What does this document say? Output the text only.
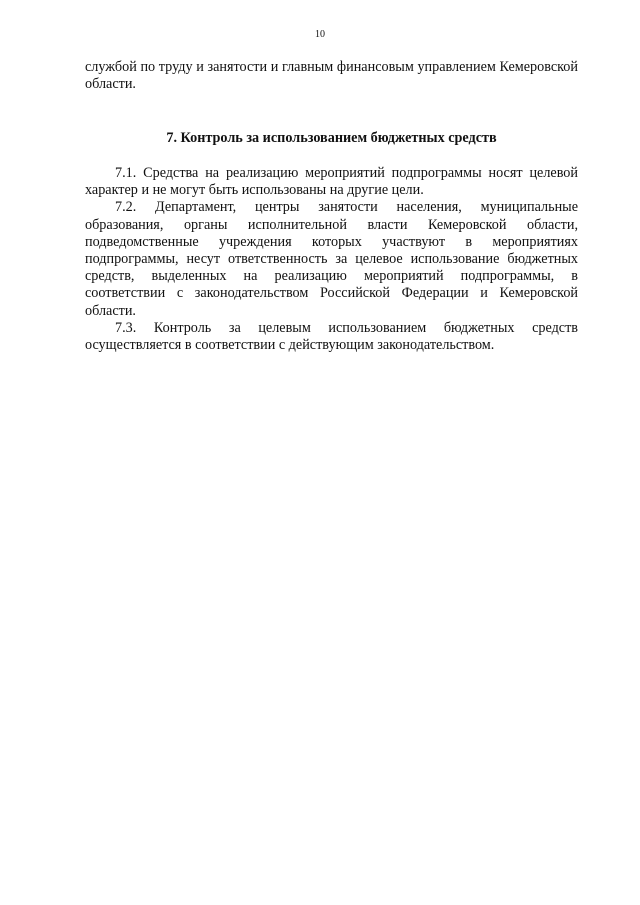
10

службой по труду и занятости и главным финансовым управлением Кемеровской области.

7. Контроль за использованием бюджетных средств

7.1. Средства на реализацию мероприятий подпрограммы носят целевой характер и не могут быть использованы на другие цели.

7.2. Департамент, центры занятости населения, муниципальные образования, органы исполнительной власти Кемеровской области, подведомственные учреждения которых участвуют в мероприятиях подпрограммы, несут ответственность за целевое использование бюджетных средств, выделенных на реализацию мероприятий подпрограммы, в соответствии с законодательством Российской Федерации и Кемеровской области.

7.3. Контроль за целевым использованием бюджетных средств осуществляется в соответствии с действующим законодательством.
